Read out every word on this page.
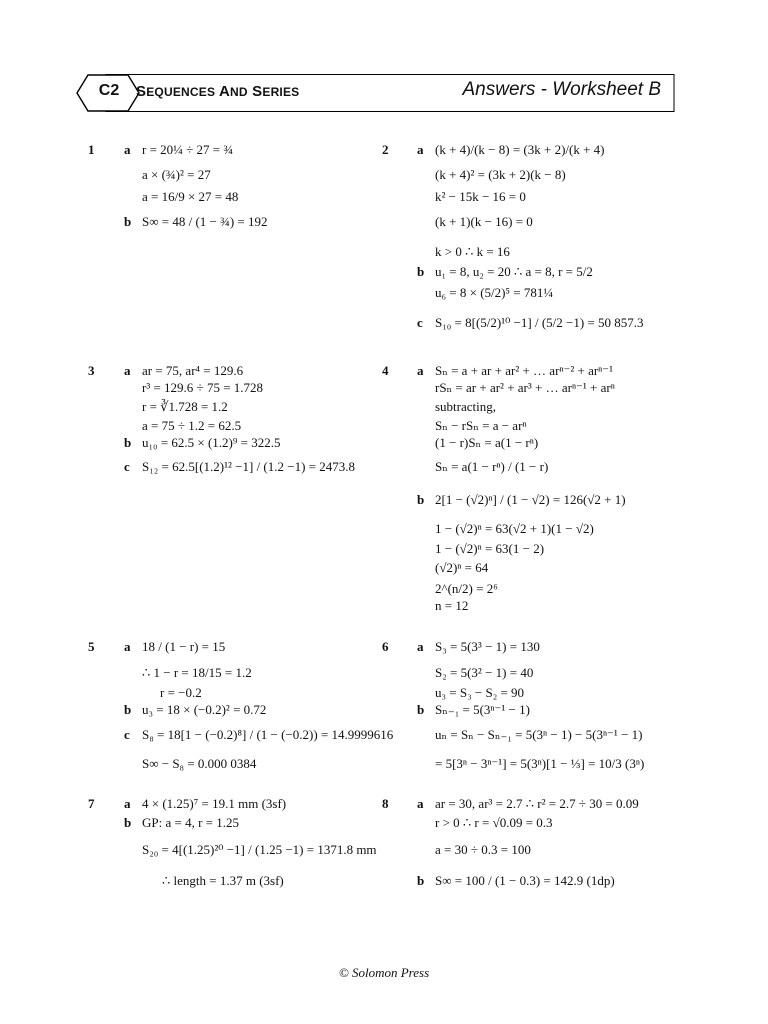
C2	SEQUENCES AND SERIES	Answers - Worksheet B
1 a r = 20¼ ÷ 27 = ¾
a × (¾)² = 27
a = 16/9 × 27 = 48
b S∞ = 48 / (1 − ¾) = 192
2 a (k + 4)/(k − 8) = (3k + 2)/(k + 4)
(k + 4)² = (3k + 2)(k − 8)
k² − 15k − 16 = 0
(k + 1)(k − 16) = 0
k > 0 ∴ k = 16
b u₁ = 8, u₂ = 20 ∴ a = 8, r = 5/2
u₆ = 8 × (5/2)⁵ = 781¼
c S₁₀ = 8[(5/2)¹⁰ −1] / (5/2 −1) = 50 857.3
3 a ar = 75, ar⁴ = 129.6
r³ = 129.6 ÷ 75 = 1.728
r = ∛1.728 = 1.2
a = 75 ÷ 1.2 = 62.5
b u₁₀ = 62.5 × (1.2)⁹ = 322.5
c S₁₂ = 62.5[(1.2)¹² −1] / (1.2 −1) = 2473.8
4 a Sₙ = a + ar + ar² + … arⁿ⁻² + arⁿ⁻¹
rSₙ = ar + ar² + ar³ + … arⁿ⁻¹ + arⁿ
subtracting,
Sₙ − rSₙ = a − arⁿ
(1 − r)Sₙ = a(1 − rⁿ)
Sₙ = a(1 − rⁿ) / (1 − r)
b 2[1 − (√2)ⁿ] / (1 − √2) = 126(√2 + 1)
1 − (√2)ⁿ = 63(√2 + 1)(1 − √2)
1 − (√2)ⁿ = 63(1 − 2)
(√2)ⁿ = 64
2^(n/2) = 2⁶
n = 12
5 a 18 / (1 − r) = 15
∴ 1 − r = 18/15 = 1.2
r = −0.2
b u₃ = 18 × (−0.2)² = 0.72
c S₈ = 18[1 − (−0.2)⁸] / (1 − (−0.2)) = 14.9999616
S∞ − S₈ = 0.000 0384
6 a S₃ = 5(3³ − 1) = 130
S₂ = 5(3² − 1) = 40
u₃ = S₃ − S₂ = 90
b Sₙ₋₁ = 5(3ⁿ⁻¹ − 1)
uₙ = Sₙ − Sₙ₋₁ = 5(3ⁿ − 1) − 5(3ⁿ⁻¹ − 1)
= 5[3ⁿ − 3ⁿ⁻¹] = 5(3ⁿ)[1 − ⅓] = 10/3 (3ⁿ)
7 a 4 × (1.25)⁷ = 19.1 mm (3sf)
b GP: a = 4, r = 1.25
S₂₀ = 4[(1.25)²⁰ −1] / (1.25 −1) = 1371.8 mm
∴ length = 1.37 m (3sf)
8 a ar = 30, ar³ = 2.7 ∴ r² = 2.7 ÷ 30 = 0.09
r > 0 ∴ r = √0.09 = 0.3
a = 30 ÷ 0.3 = 100
b S∞ = 100 / (1 − 0.3) = 142.9 (1dp)
© Solomon Press
